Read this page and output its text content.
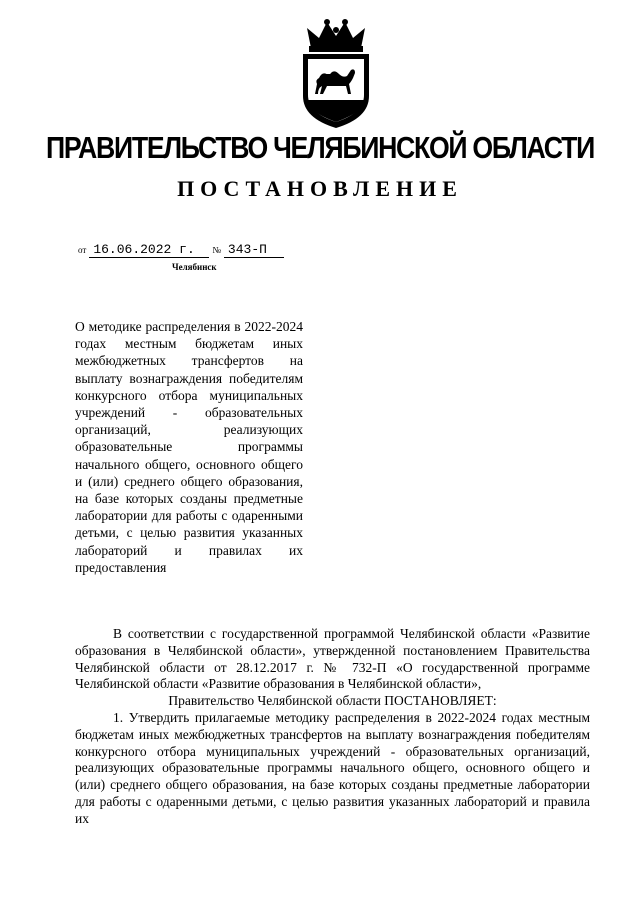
ПРАВИТЕЛЬСТВО ЧЕЛЯБИНСКОЙ ОБЛАСТИ
ПОСТАНОВЛЕНИЕ
от 16.06.2022 г. № 343-П
Челябинск
О методике распределения в 2022-2024 годах местным бюджетам иных межбюджетных трансфертов на выплату вознаграждения победителям конкурсного отбора муниципальных учреждений - образовательных организаций, реализующих образовательные программы начального общего, основного общего и (или) среднего общего образования, на базе которых созданы предметные лаборатории для работы с одаренными детьми, с целью развития указанных лабораторий и правилах их предоставления

В соответствии с государственной программой Челябинской области «Развитие образования в Челябинской области», утвержденной постановлением Правительства Челябинской области от 28.12.2017 г. № 732-П «О государственной программе Челябинской области «Развитие образования в Челябинской области»,

Правительство Челябинской области ПОСТАНОВЛЯЕТ:

1. Утвердить прилагаемые методику распределения в 2022-2024 годах местным бюджетам иных межбюджетных трансфертов на выплату вознаграждения победителям конкурсного отбора муниципальных учреждений - образовательных организаций, реализующих образовательные программы начального общего, основного общего и (или) среднего общего образования, на базе которых созданы предметные лаборатории для работы с одаренными детьми, с целью развития указанных лабораторий и правила их
